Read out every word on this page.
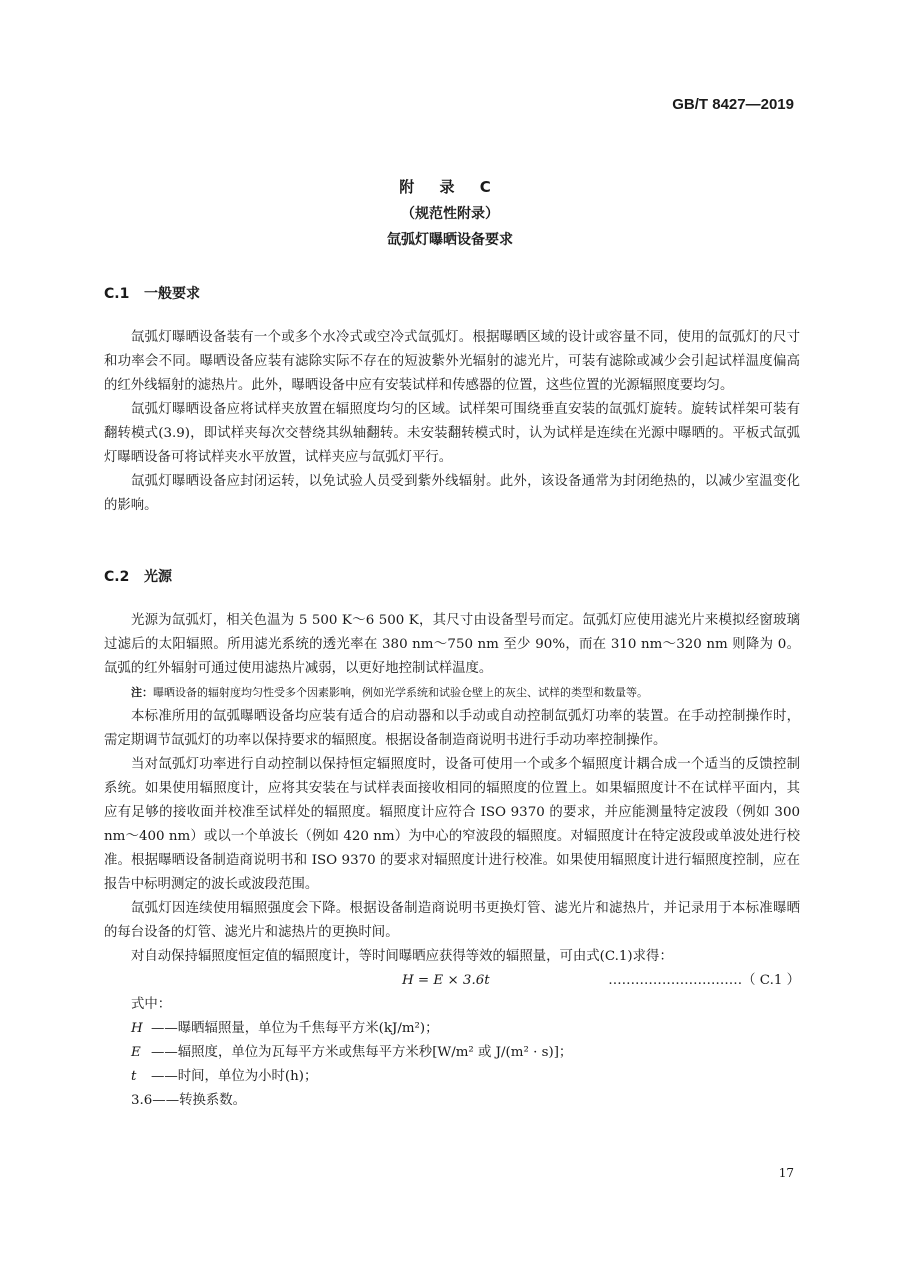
GB/T 8427—2019
附 录 C
（规范性附录）
氙弧灯曝晒设备要求
C.1 一般要求

氙弧灯曝晒设备装有一个或多个水冷式或空冷式氙弧灯。根据曝晒区域的设计或容量不同，使用的氙弧灯的尺寸和功率会不同。曝晒设备应装有滤除实际不存在的短波紫外光辐射的滤光片，可装有滤除或减少会引起试样温度偏高的红外线辐射的滤热片。此外，曝晒设备中应有安装试样和传感器的位置，这些位置的光源辐照度要均匀。

氙弧灯曝晒设备应将试样夹放置在辐照度均匀的区域。试样架可围绕垂直安装的氙弧灯旋转。旋转试样架可装有翻转模式(3.9)，即试样夹每次交替绕其纵轴翻转。未安装翻转模式时，认为试样是连续在光源中曝晒的。平板式氙弧灯曝晒设备可将试样夹水平放置，试样夹应与氙弧灯平行。

氙弧灯曝晒设备应封闭运转，以免试验人员受到紫外线辐射。此外，该设备通常为封闭绝热的，以减少室温变化的影响。

C.2 光源

光源为氙弧灯，相关色温为 5 500 K～6 500 K，其尺寸由设备型号而定。氙弧灯应使用滤光片来模拟经窗玻璃过滤后的太阳辐照。所用滤光系统的透光率在 380 nm～750 nm 至少 90%，而在 310 nm～320 nm 则降为 0。氙弧的红外辐射可通过使用滤热片减弱，以更好地控制试样温度。

注：曝晒设备的辐射度均匀性受多个因素影响，例如光学系统和试验仓壁上的灰尘、试样的类型和数量等。

本标准所用的氙弧曝晒设备均应装有适合的启动器和以手动或自动控制氙弧灯功率的装置。在手动控制操作时，需定期调节氙弧灯的功率以保持要求的辐照度。根据设备制造商说明书进行手动功率控制操作。

当对氙弧灯功率进行自动控制以保持恒定辐照度时，设备可使用一个或多个辐照度计耦合成一个适当的反馈控制系统。如果使用辐照度计，应将其安装在与试样表面接收相同的辐照度的位置上。如果辐照度计不在试样平面内，其应有足够的接收面并校准至试样处的辐照度。辐照度计应符合 ISO 9370 的要求，并应能测量特定波段（例如 300 nm～400 nm）或以一个单波长（例如 420 nm）为中心的窄波段的辐照度。对辐照度计在特定波段或单波处进行校准。根据曝晒设备制造商说明书和 ISO 9370 的要求对辐照度计进行校准。如果使用辐照度计进行辐照度控制，应在报告中标明测定的波长或波段范围。

氙弧灯因连续使用辐照强度会下降。根据设备制造商说明书更换灯管、滤光片和滤热片，并记录用于本标准曝晒的每台设备的灯管、滤光片和滤热片的更换时间。

对自动保持辐照度恒定值的辐照度计，等时间曝晒应获得等效的辐照量，可由式(C.1)求得：

H = E × 3.6t	…………………………（ C.1 ）

式中：

H ——曝晒辐照量，单位为千焦每平方米(kJ/m²)；

E ——辐照度，单位为瓦每平方米或焦每平方米秒[W/m² 或 J/(m² · s)]；

t ——时间，单位为小时(h)；

3.6——转换系数。

17
